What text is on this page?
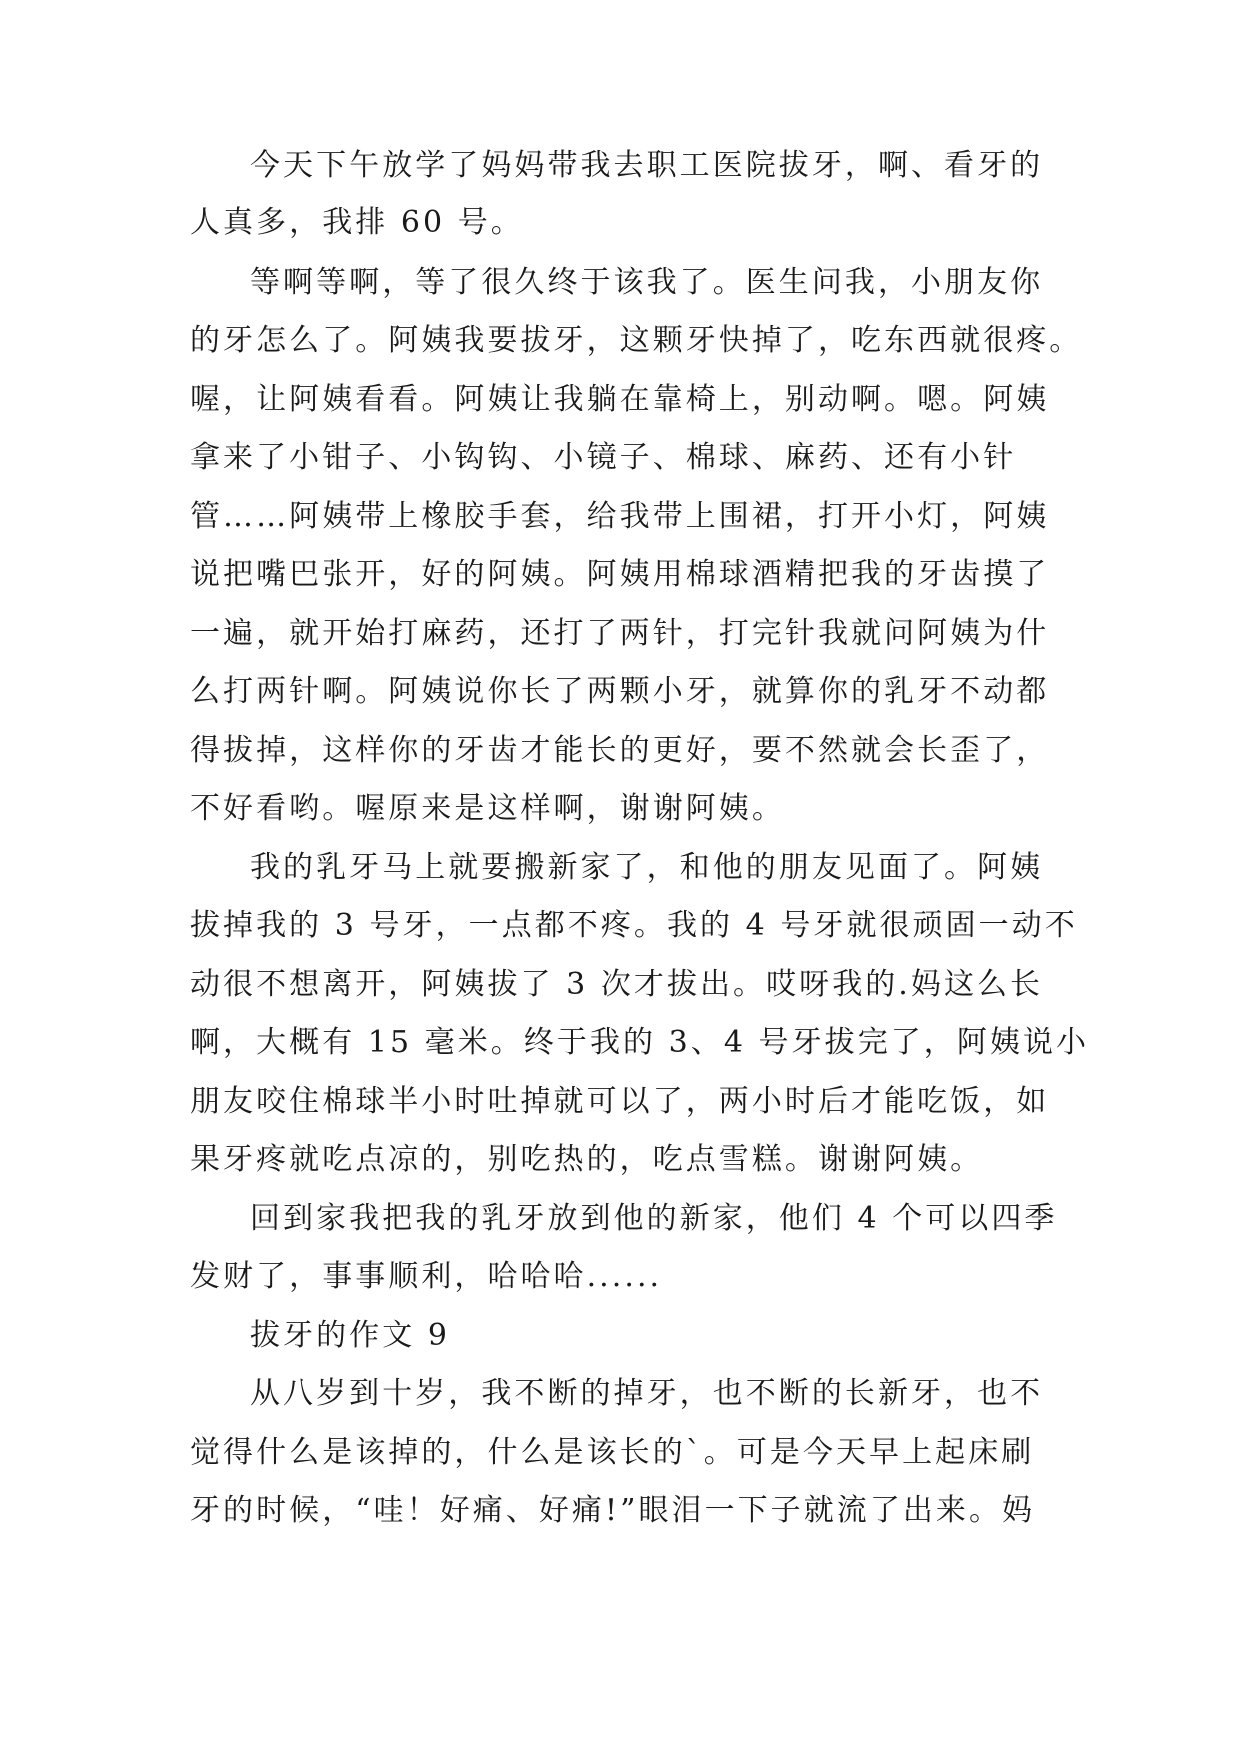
今天下午放学了妈妈带我去职工医院拔牙，啊、看牙的
人真多，我排 60 号。
等啊等啊，等了很久终于该我了。医生问我，小朋友你
的牙怎么了。阿姨我要拔牙，这颗牙快掉了，吃东西就很疼。
喔，让阿姨看看。阿姨让我躺在靠椅上，别动啊。嗯。阿姨
拿来了小钳子、小钩钩、小镜子、棉球、麻药、还有小针
管……阿姨带上橡胶手套，给我带上围裙，打开小灯，阿姨
说把嘴巴张开，好的阿姨。阿姨用棉球酒精把我的牙齿摸了
一遍，就开始打麻药，还打了两针，打完针我就问阿姨为什
么打两针啊。阿姨说你长了两颗小牙，就算你的乳牙不动都
得拔掉，这样你的牙齿才能长的更好，要不然就会长歪了，
不好看哟。喔原来是这样啊，谢谢阿姨。
我的乳牙马上就要搬新家了，和他的朋友见面了。阿姨
拔掉我的 3 号牙，一点都不疼。我的 4 号牙就很顽固一动不
动很不想离开，阿姨拔了 3 次才拔出。哎呀我的.妈这么长
啊，大概有 15 毫米。终于我的 3、4 号牙拔完了，阿姨说小
朋友咬住棉球半小时吐掉就可以了，两小时后才能吃饭，如
果牙疼就吃点凉的，别吃热的，吃点雪糕。谢谢阿姨。
回到家我把我的乳牙放到他的新家，他们 4 个可以四季
发财了，事事顺利，哈哈哈......
拔牙的作文 9
从八岁到十岁，我不断的掉牙，也不断的长新牙，也不
觉得什么是该掉的，什么是该长的`。可是今天早上起床刷
牙的时候，“哇！好痛、好痛!”眼泪一下子就流了出来。妈
